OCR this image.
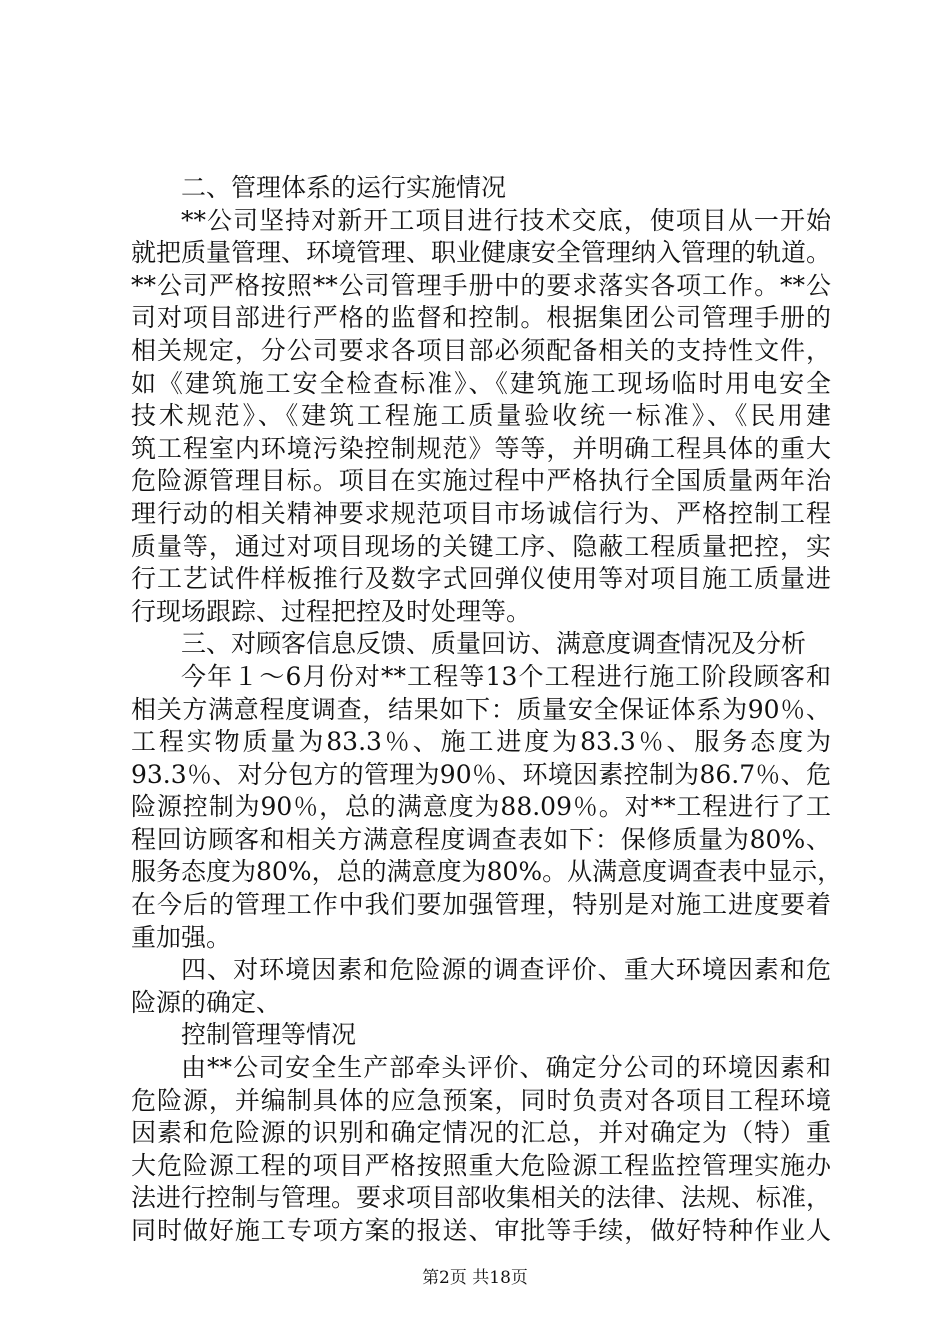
二、管理体系的运行实施情况
**公司坚持对新开工项目进行技术交底，使项目从一开始
就把质量管理、环境管理、职业健康安全管理纳入管理的轨道。
**公司严格按照**公司管理手册中的要求落实各项工作。**公
司对项目部进行严格的监督和控制。根据集团公司管理手册的
相关规定，分公司要求各项目部必须配备相关的支持性文件，
如《建筑施工安全检查标准》、《建筑施工现场临时用电安全
技术规范》、《建筑工程施工质量验收统一标准》、《民用建
筑工程室内环境污染控制规范》等等，并明确工程具体的重大
危险源管理目标。项目在实施过程中严格执行全国质量两年治
理行动的相关精神要求规范项目市场诚信行为、严格控制工程
质量等，通过对项目现场的关键工序、隐蔽工程质量把控，实
行工艺试件样板推行及数字式回弹仪使用等对项目施工质量进
行现场跟踪、过程把控及时处理等。
三、对顾客信息反馈、质量回访、满意度调查情况及分析
今年１～6月份对**工程等13个工程进行施工阶段顾客和
相关方满意程度调查，结果如下：质量安全保证体系为90％、
工程实物质量为83.3％、施工进度为83.3％、服务态度为
93.3％、对分包方的管理为90％、环境因素控制为86.7％、危
险源控制为90％，总的满意度为88.09％。对**工程进行了工
程回访顾客和相关方满意程度调查表如下：保修质量为80%、
服务态度为80%，总的满意度为80%。从满意度调查表中显示，
在今后的管理工作中我们要加强管理，特别是对施工进度要着
重加强。
四、对环境因素和危险源的调查评价、重大环境因素和危
险源的确定、
控制管理等情况
由**公司安全生产部牵头评价、确定分公司的环境因素和
危险源，并编制具体的应急预案，同时负责对各项目工程环境
因素和危险源的识别和确定情况的汇总，并对确定为（特）重
大危险源工程的项目严格按照重大危险源工程监控管理实施办
法进行控制与管理。要求项目部收集相关的法律、法规、标准，
同时做好施工专项方案的报送、审批等手续，做好特种作业人
第2页 共18页
